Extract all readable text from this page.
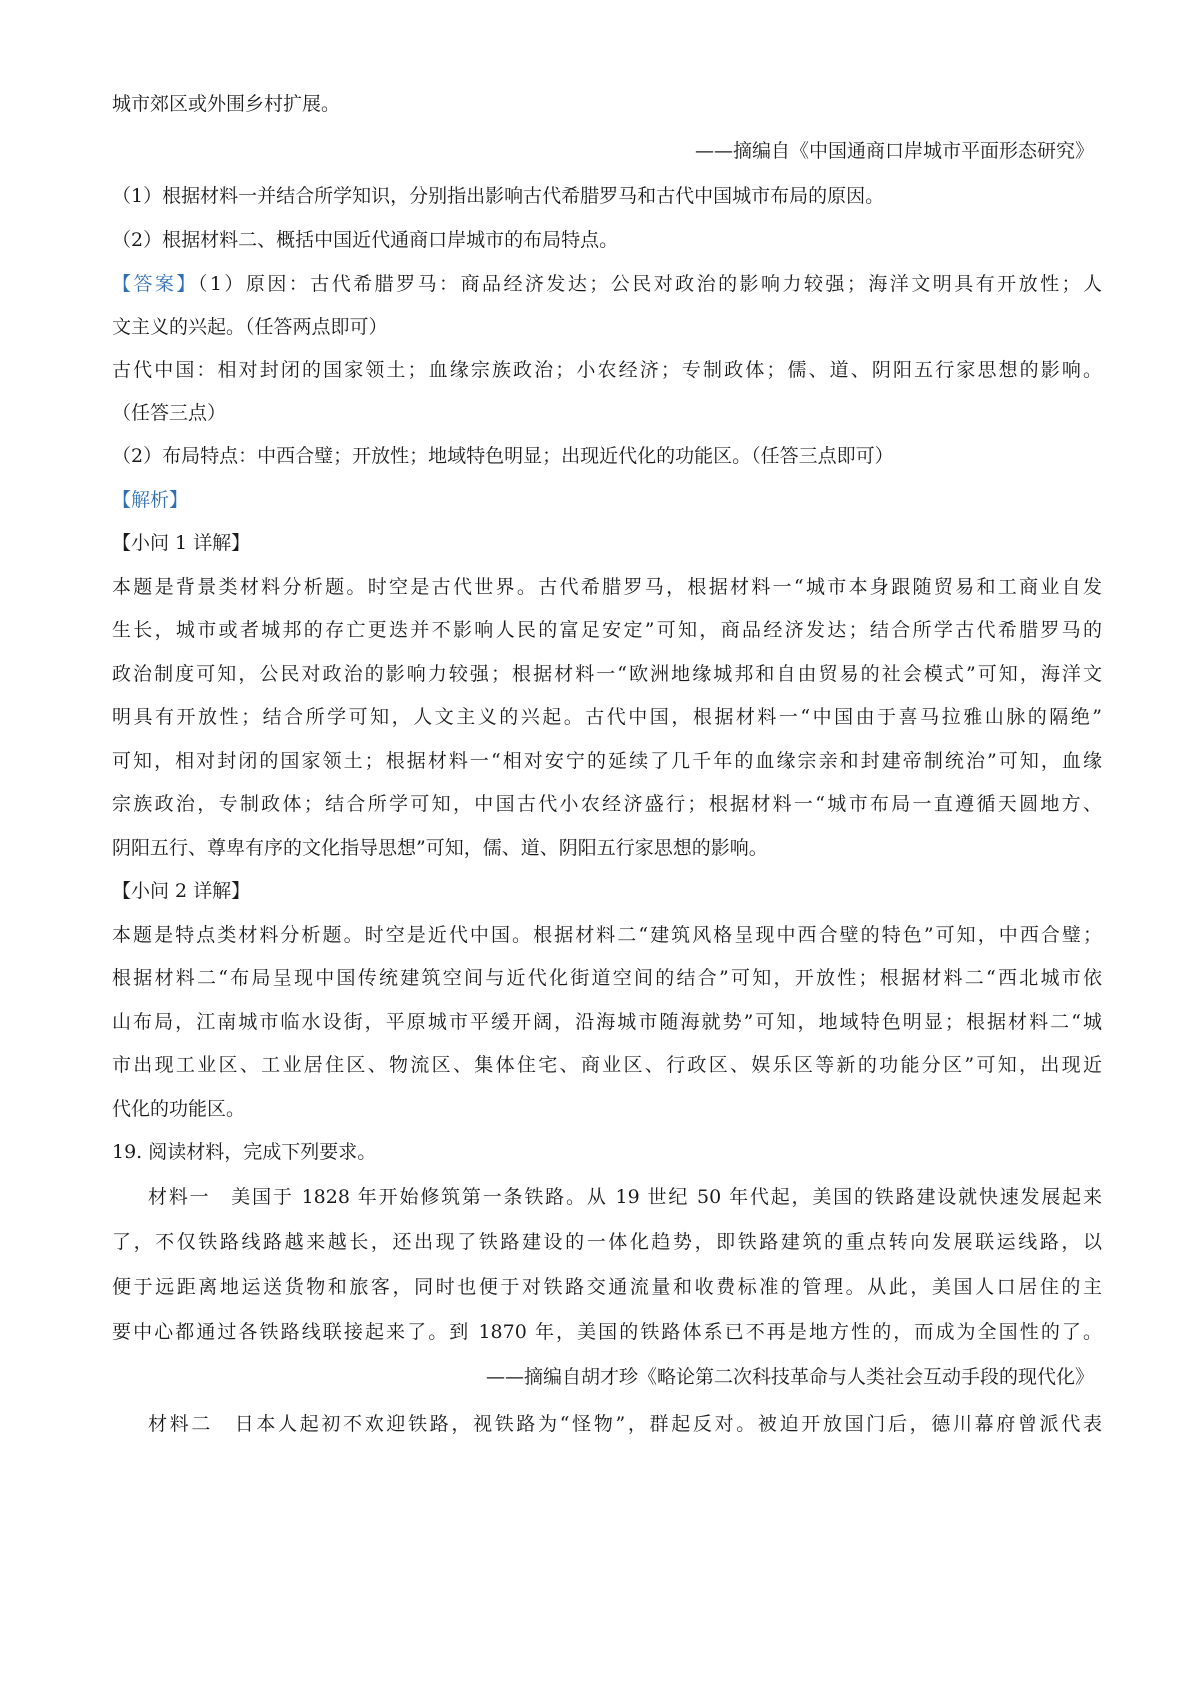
城市郊区或外围乡村扩展。
——摘编自《中国通商口岸城市平面形态研究》
（1）根据材料一并结合所学知识，分别指出影响古代希腊罗马和古代中国城市布局的原因。
（2）根据材料二、概括中国近代通商口岸城市的布局特点。
【答案】（1）原因：古代希腊罗马：商品经济发达；公民对政治的影响力较强；海洋文明具有开放性；人
文主义的兴起。（任答两点即可）
古代中国：相对封闭的国家领土；血缘宗族政治；小农经济；专制政体；儒、道、阴阳五行家思想的影响。
（任答三点）
（2）布局特点：中西合璧；开放性；地域特色明显；出现近代化的功能区。（任答三点即可）
【解析】
【小问 1 详解】
本题是背景类材料分析题。时空是古代世界。古代希腊罗马，根据材料一“城市本身跟随贸易和工商业自发
生长，城市或者城邦的存亡更迭并不影响人民的富足安定”可知，商品经济发达；结合所学古代希腊罗马的
政治制度可知，公民对政治的影响力较强；根据材料一“欧洲地缘城邦和自由贸易的社会模式”可知，海洋文
明具有开放性；结合所学可知，人文主义的兴起。古代中国，根据材料一“中国由于喜马拉雅山脉的隔绝”
可知，相对封闭的国家领土；根据材料一“相对安宁的延续了几千年的血缘宗亲和封建帝制统治”可知，血缘
宗族政治，专制政体；结合所学可知，中国古代小农经济盛行；根据材料一“城市布局一直遵循天圆地方、
阴阳五行、尊卑有序的文化指导思想”可知，儒、道、阴阳五行家思想的影响。
【小问 2 详解】
本题是特点类材料分析题。时空是近代中国。根据材料二“建筑风格呈现中西合壁的特色”可知，中西合璧；
根据材料二“布局呈现中国传统建筑空间与近代化街道空间的结合”可知，开放性；根据材料二“西北城市依
山布局，江南城市临水设街，平原城市平缓开阔，沿海城市随海就势”可知，地域特色明显；根据材料二“城
市出现工业区、工业居住区、物流区、集体住宅、商业区、行政区、娱乐区等新的功能分区”可知，出现近
代化的功能区。
19. 阅读材料，完成下列要求。
材料一　美国于 1828 年开始修筑第一条铁路。从 19 世纪 50 年代起，美国的铁路建设就快速发展起来
了，不仅铁路线路越来越长，还出现了铁路建设的一体化趋势，即铁路建筑的重点转向发展联运线路，以
便于远距离地运送货物和旅客，同时也便于对铁路交通流量和收费标准的管理。从此，美国人口居住的主
要中心都通过各铁路线联接起来了。到 1870 年，美国的铁路体系已不再是地方性的，而成为全国性的了。
——摘编自胡才珍《略论第二次科技革命与人类社会互动手段的现代化》
材料二　日本人起初不欢迎铁路，视铁路为“怪物”，群起反对。被迫开放国门后，德川幕府曾派代表
